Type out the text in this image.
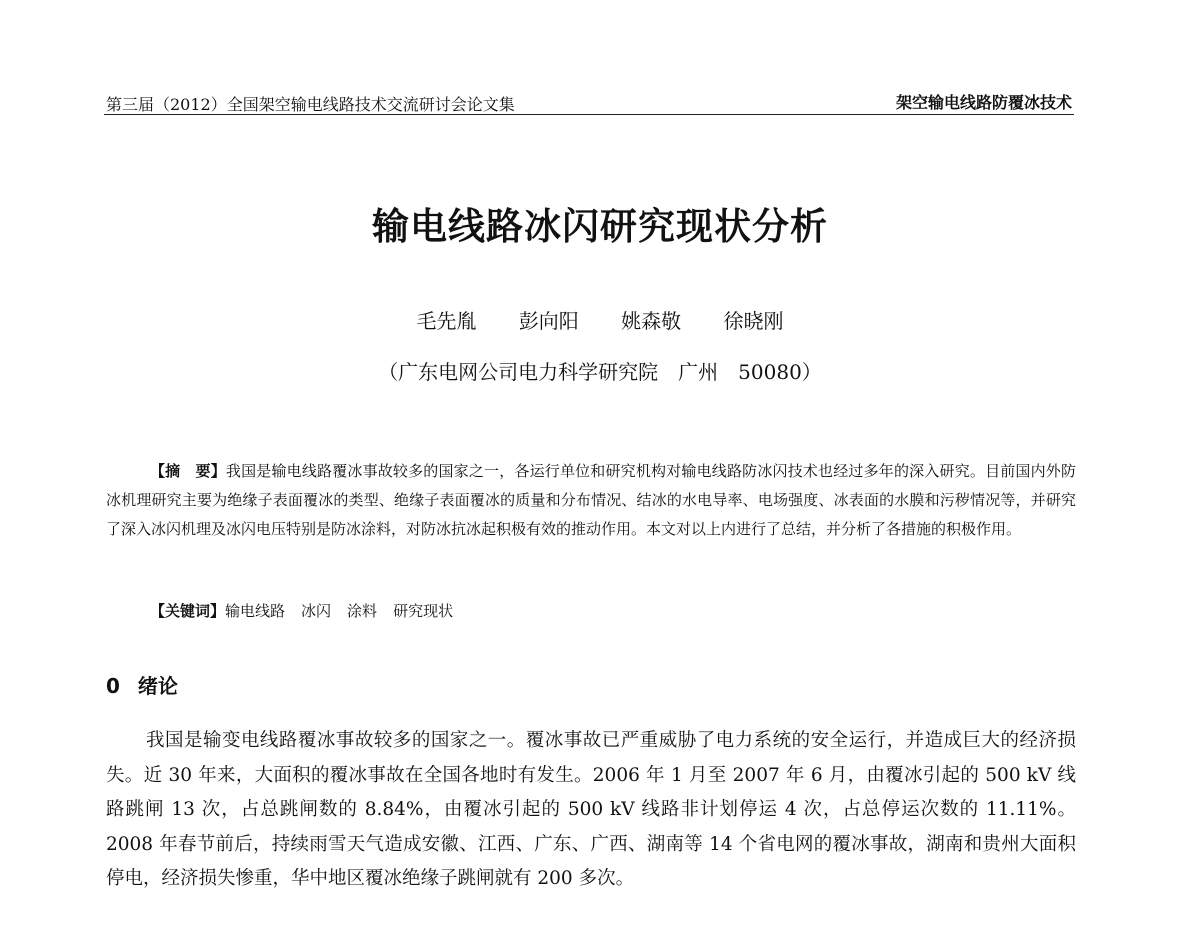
第三届（2012）全国架空输电线路技术交流研讨会论文集	架空输电线路防覆冰技术
输电线路冰闪研究现状分析
毛先胤 彭向阳 姚森敬 徐晓刚
（广东电网公司电力科学研究院　广州　50080）
【摘　要】我国是输电线路覆冰事故较多的国家之一，各运行单位和研究机构对输电线路防冰闪技术也经过多年的深入研究。目前国内外防冰机理研究主要为绝缘子表面覆冰的类型、绝缘子表面覆冰的质量和分布情况、结冰的水电导率、电场强度、冰表面的水膜和污秽情况等，并研究了深入冰闪机理及冰闪电压特别是防冰涂料，对防冰抗冰起积极有效的推动作用。本文对以上内进行了总结，并分析了各措施的积极作用。
【关键词】输电线路 冰闪 涂料 研究现状
0 绪论
我国是输变电线路覆冰事故较多的国家之一。覆冰事故已严重威胁了电力系统的安全运行，并造成巨大的经济损失。近 30 年来，大面积的覆冰事故在全国各地时有发生。2006 年 1 月至 2007 年 6 月，由覆冰引起的 500 kV 线路跳闸 13 次，占总跳闸数的 8.84%，由覆冰引起的 500 kV 线路非计划停运 4 次，占总停运次数的 11.11%。2008 年春节前后，持续雨雪天气造成安徽、江西、广东、广西、湖南等 14 个省电网的覆冰事故，湖南和贵州大面积停电，经济损失惨重，华中地区覆冰绝缘子跳闸就有 200 多次。
